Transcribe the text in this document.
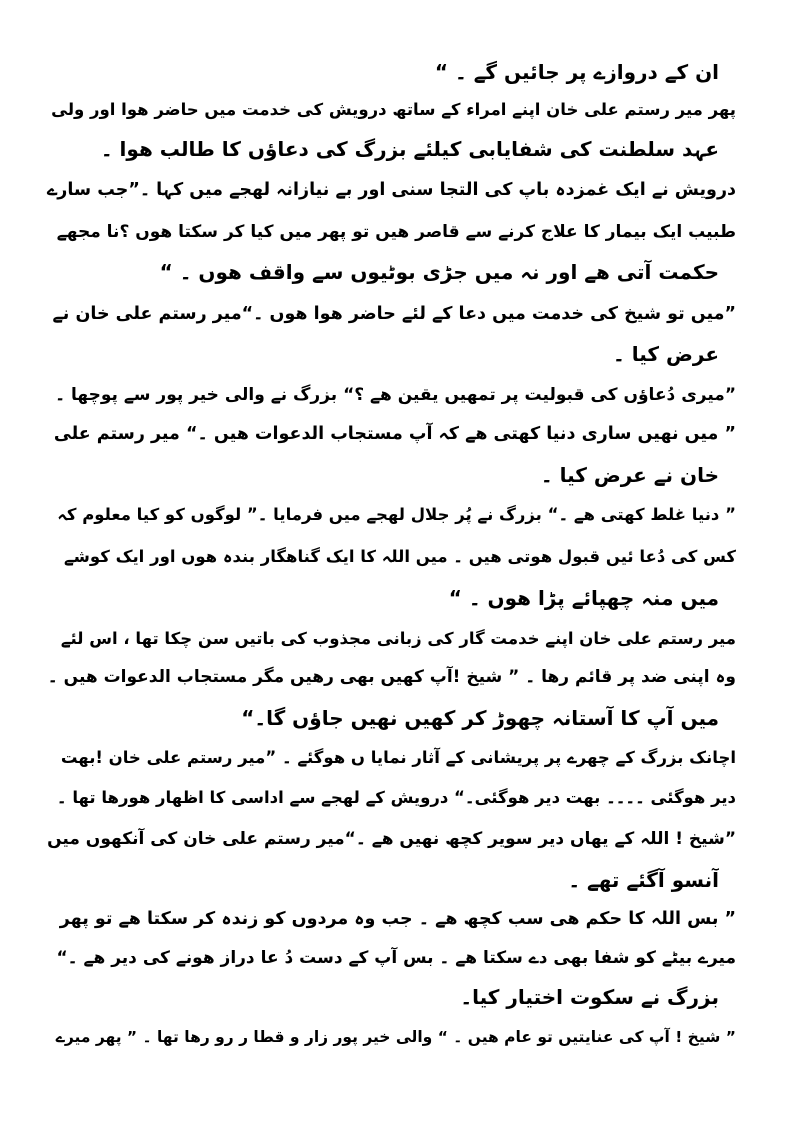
ان کے دروازے پر جائیں گے ۔ “
پھر میر رستم علی خان اپنے امراء کے ساتھ درویش کی خدمت میں حاضر ھوا اور ولی
عہد سلطنت کی شفایابی کیلئے بزرگ کی دعاؤں کا طالب ھوا ۔
درویش نے ایک غمزدہ باپ کی التجا سنی اور بے نیازانہ لھجے میں کہا ۔”جب سارے
طبیب ایک بیمار کا علاج کرنے سے قاصر ھیں تو پھر میں کیا کر سکتا ھوں ؟نا مجھے
حکمت آتی ھے اور نہ میں جڑی بوٹیوں سے واقف ھوں ۔ “
”میں تو شیخ کی خدمت میں دعا کے لئے حاضر ھوا ھوں ۔“میر رستم علی خان نے
عرض کیا ۔
”میری دُعاؤں کی قبولیت پر تمھیں یقین ھے ؟“ بزرگ نے والی خیر پور سے پوچھا ۔
” میں نھیں ساری دنیا کھتی ھے کہ آپ مستجاب الدعوات ھیں ۔“ میر رستم علی
خان نے عرض کیا ۔
” دنیا غلط کھتی ھے ۔“ بزرگ نے پُر جلال لھجے میں فرمایا ۔” لوگوں کو کیا معلوم کہ
کس کی دُعا ئیں قبول ھوتی ھیں ۔ میں اللہ کا ایک گناھگار بندہ ھوں اور ایک کوشے
میں منہ چھپائے پڑا ھوں ۔ “
میر رستم علی خان اپنے خدمت گار کی زبانی مجذوب کی باتیں سن چکا تھا ، اس لئے
وہ اپنی ضد پر قائم رھا ۔ ” شیخ !آپ کھیں بھی رھیں مگر مستجاب الدعوات ھیں ۔
میں آپ کا آستانہ چھوڑ کر کھیں نھیں جاؤں گا۔“
اچانک بزرگ کے چھرے پر پریشانی کے آثار نمایا ں ھوگئے ۔ ”میر رستم علی خان !بھت
دیر ھوگئی ۔۔۔۔ بھت دیر ھوگئی۔“ درویش کے لھجے سے اداسی کا اظھار ھورھا تھا ۔
”شیخ ! اللہ کے یھاں دیر سویر کچھ نھیں ھے ۔“میر رستم علی خان کی آنکھوں میں
آنسو آگئے تھے ۔
” بس اللہ کا حکم ھی سب کچھ ھے ۔ جب وہ مردوں کو زندہ کر سکتا ھے تو پھر
میرے بیٹے کو شفا بھی دے سکتا ھے ۔ بس آپ کے دست دُ عا دراز ھونے کی دیر ھے ۔“
بزرگ نے سکوت اختیار کیا۔
” شیخ ! آپ کی عنایتیں تو عام ھیں ۔ “ والی خیر پور زار و قطا ر رو رھا تھا ۔ ” پھر میرے
